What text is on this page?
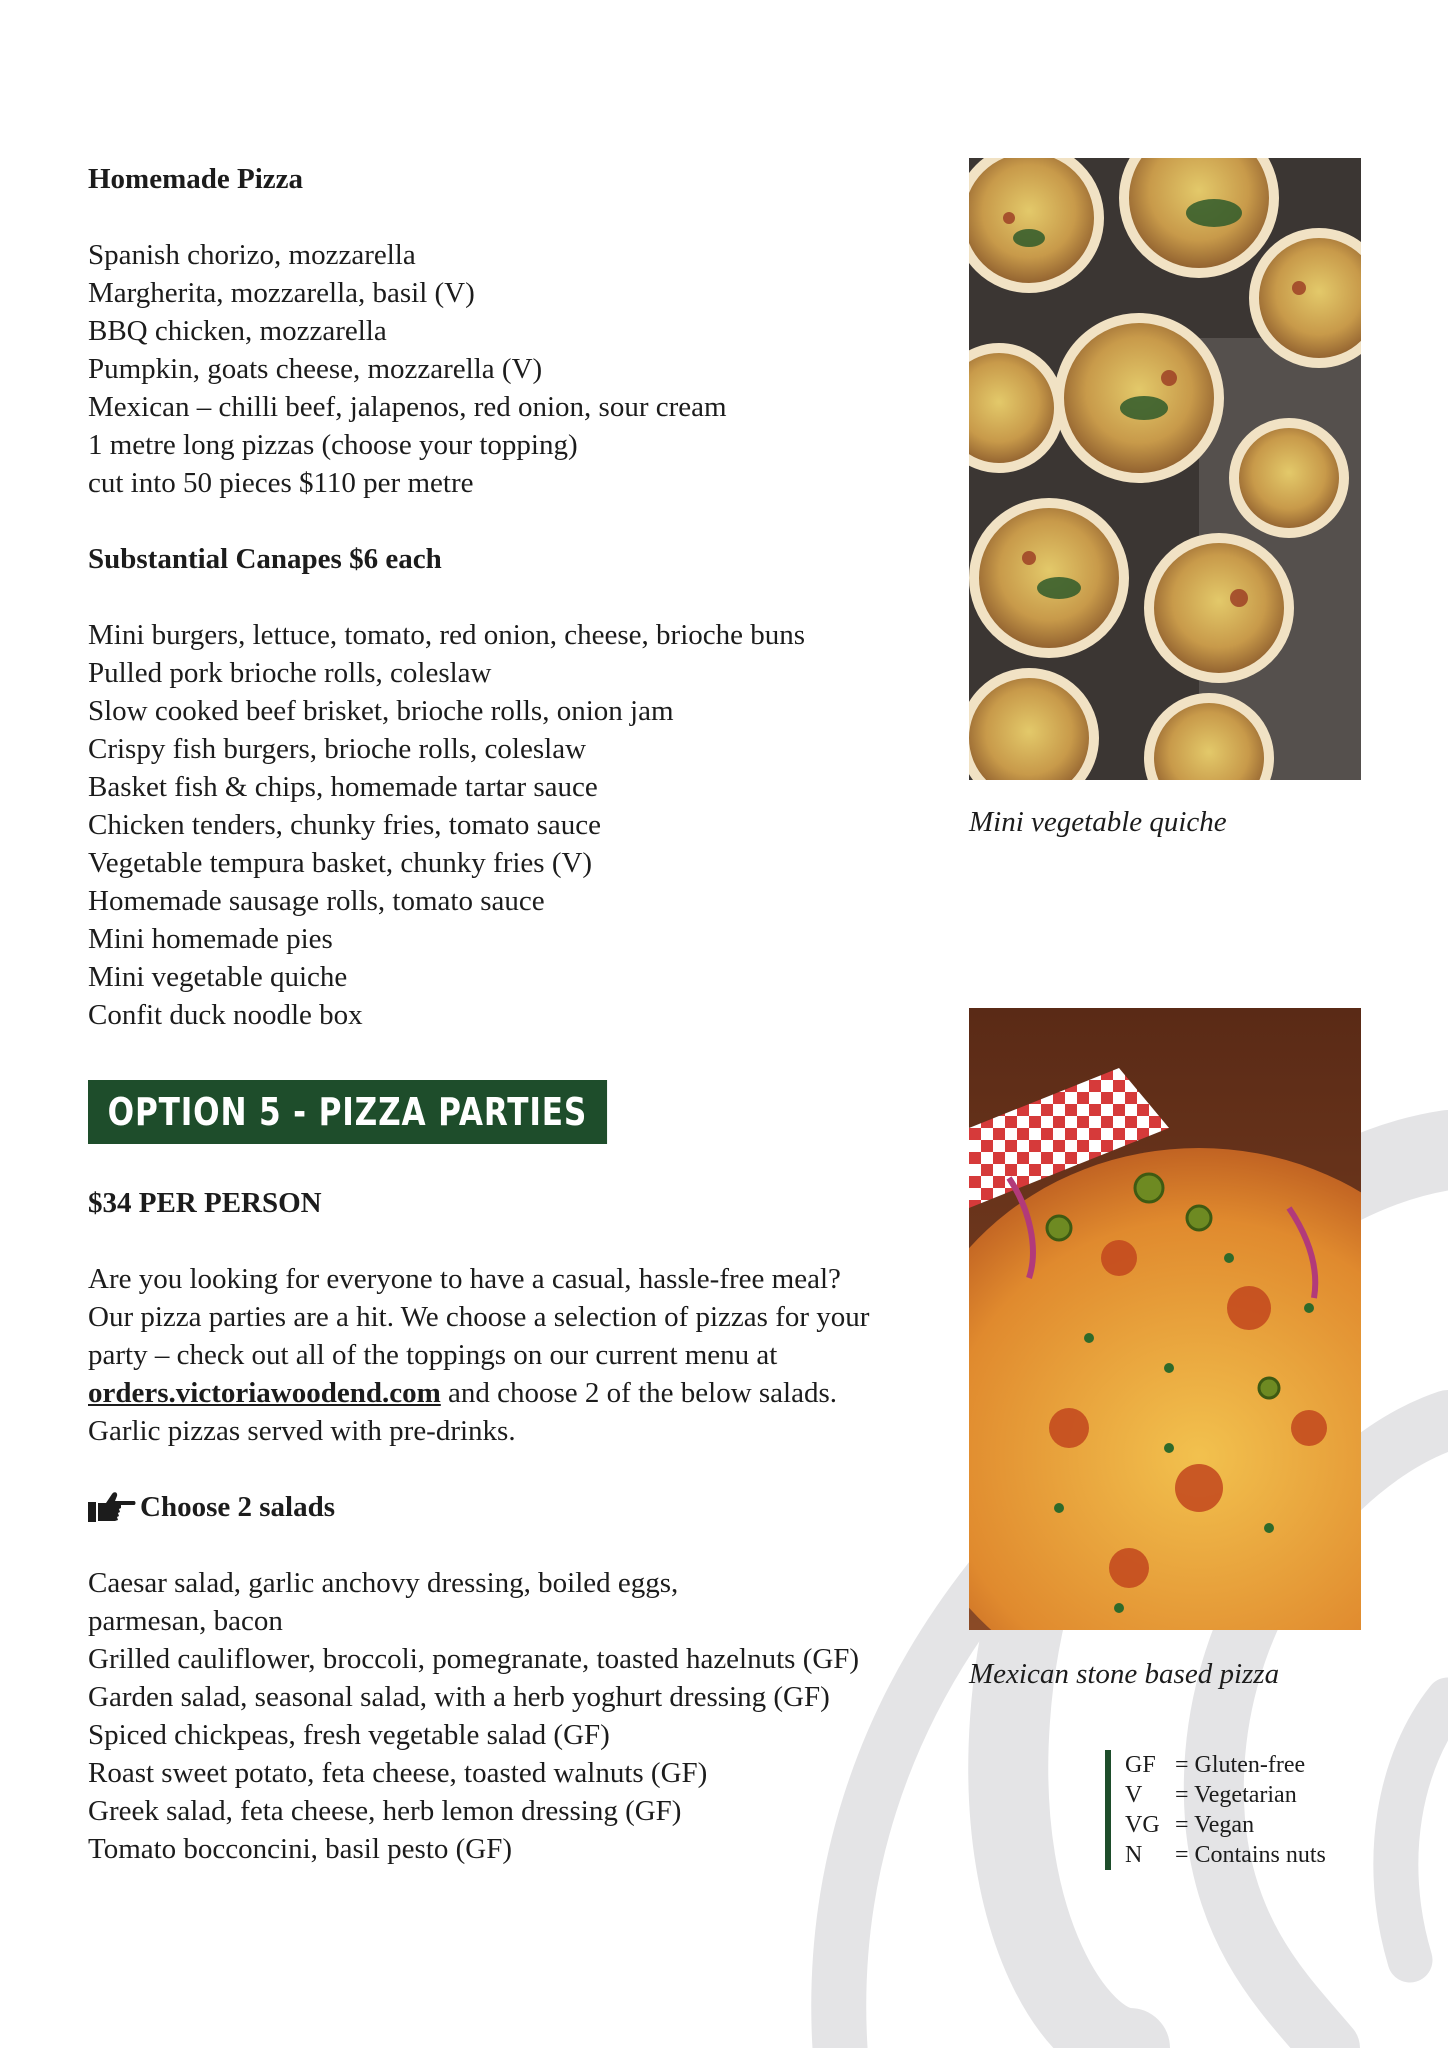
Homemade Pizza

Spanish chorizo, mozzarella
Margherita, mozzarella, basil (V)
BBQ chicken, mozzarella
Pumpkin, goats cheese, mozzarella (V)
Mexican – chilli beef, jalapenos, red onion, sour cream
1 metre long pizzas (choose your topping)
cut into 50 pieces $110 per metre

Substantial Canapes $6 each

Mini burgers, lettuce, tomato, red onion, cheese, brioche buns
Pulled pork brioche rolls, coleslaw
Slow cooked beef brisket, brioche rolls, onion jam
Crispy fish burgers, brioche rolls, coleslaw
Basket fish & chips, homemade tartar sauce
Chicken tenders, chunky fries, tomato sauce
Vegetable tempura basket, chunky fries (V)
Homemade sausage rolls, tomato sauce
Mini homemade pies
Mini vegetable quiche
Confit duck noodle box
OPTION 5 - PIZZA PARTIES

$34 PER PERSON

Are you looking for everyone to have a casual, hassle-free meal?
Our pizza parties are a hit. We choose a selection of pizzas for your
party – check out all of the toppings on our current menu at
orders.victoriawoodend.com and choose 2 of the below salads.
Garlic pizzas served with pre-drinks.
Choose 2 salads
Caesar salad, garlic anchovy dressing, boiled eggs,
parmesan, bacon
Grilled cauliflower, broccoli, pomegranate, toasted hazelnuts (GF)
Garden salad, seasonal salad, with a herb yoghurt dressing (GF)
Spiced chickpeas, fresh vegetable salad (GF)
Roast sweet potato, feta cheese, toasted walnuts (GF)
Greek salad, feta cheese, herb lemon dressing (GF)
Tomato bocconcini, basil pesto (GF)
Mini vegetable quiche
Mexican stone based pizza
GF = Gluten-free
V	= Vegetarian
VG = Vegan
N	= Contains nuts
